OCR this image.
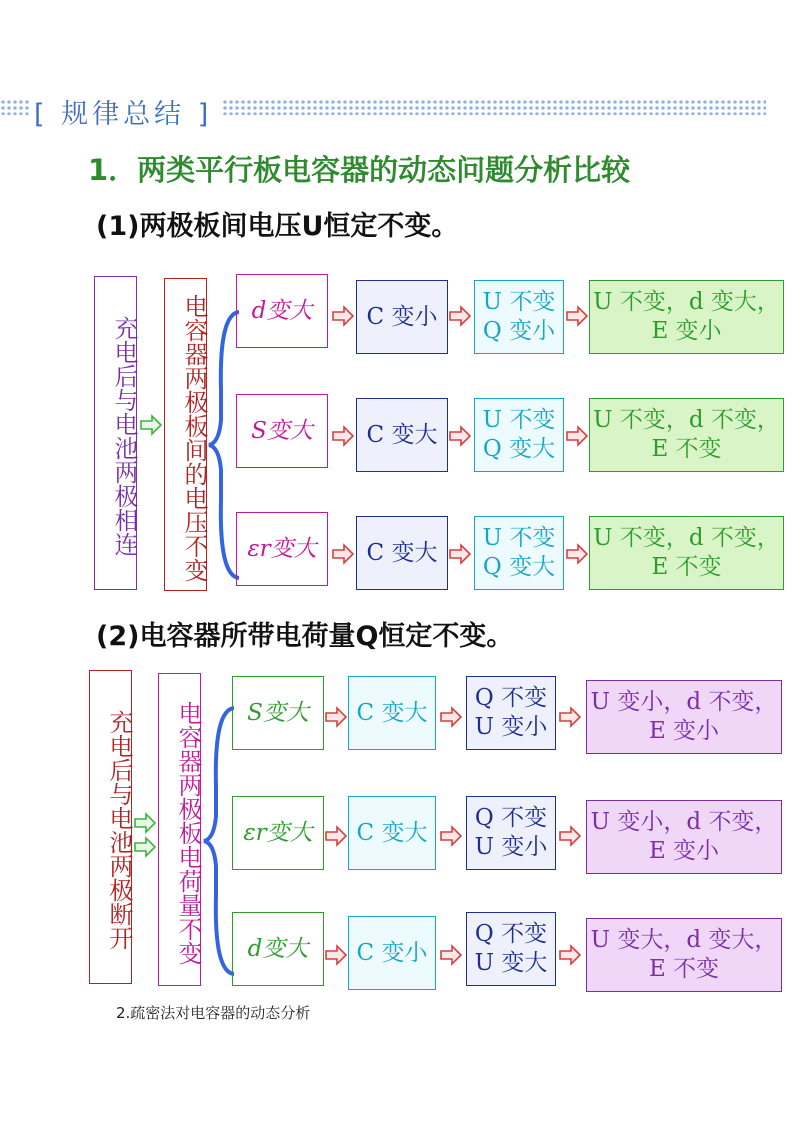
[ 规律总结 ]
1．两类平行板电容器的动态问题分析比较
(1)两极板间电压U恒定不变。
充电后与电池两极相连	电容器两极板间的电压不变 d变大 C 变小
U 不变
Q 变小
U 不变，d 变大，
E 变小
S变大 C 变大
U 不变
Q 变大
U 不变，d 不变，
E 不变
εr变大 C 变大
U 不变
Q 变大
U 不变，d 不变，
E 不变
(2)电容器所带电荷量Q恒定不变。
充电后与电池两极断开	电容器两极板电荷量不变 S变大 C 变大
Q 不变
U 变小
U 变小，d 不变，
E 变小
εr变大 C 变大
Q 不变
U 变小
U 变小，d 不变，
E 变小
d变大 C 变小
Q 不变
U 变大
U 变大，d 变大，
E 不变
2.疏密法对电容器的动态分析
